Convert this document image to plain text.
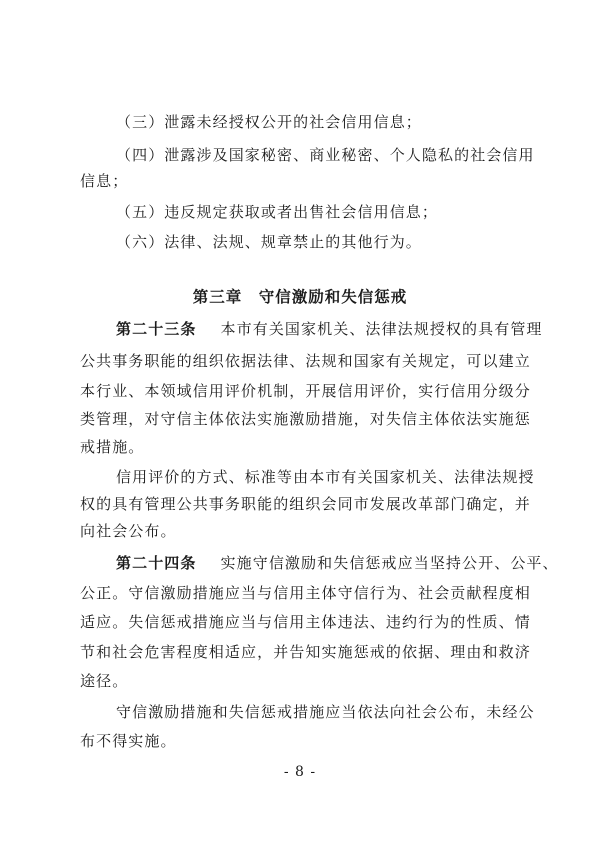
（三）泄露未经授权公开的社会信用信息；
（四）泄露涉及国家秘密、商业秘密、个人隐私的社会信用
信息；
（五）违反规定获取或者出售社会信用信息；
（六）法律、法规、规章禁止的其他行为。
第三章　守信激励和失信惩戒
第二十三条 本市有关国家机关、法律法规授权的具有管理
公共事务职能的组织依据法律、法规和国家有关规定，可以建立
本行业、本领域信用评价机制，开展信用评价，实行信用分级分
类管理，对守信主体依法实施激励措施，对失信主体依法实施惩
戒措施。
信用评价的方式、标准等由本市有关国家机关、法律法规授
权的具有管理公共事务职能的组织会同市发展改革部门确定，并
向社会公布。
第二十四条 实施守信激励和失信惩戒应当坚持公开、公平、
公正。守信激励措施应当与信用主体守信行为、社会贡献程度相
适应。失信惩戒措施应当与信用主体违法、违约行为的性质、情
节和社会危害程度相适应，并告知实施惩戒的依据、理由和救济
途径。
守信激励措施和失信惩戒措施应当依法向社会公布，未经公
布不得实施。
- 8 -
